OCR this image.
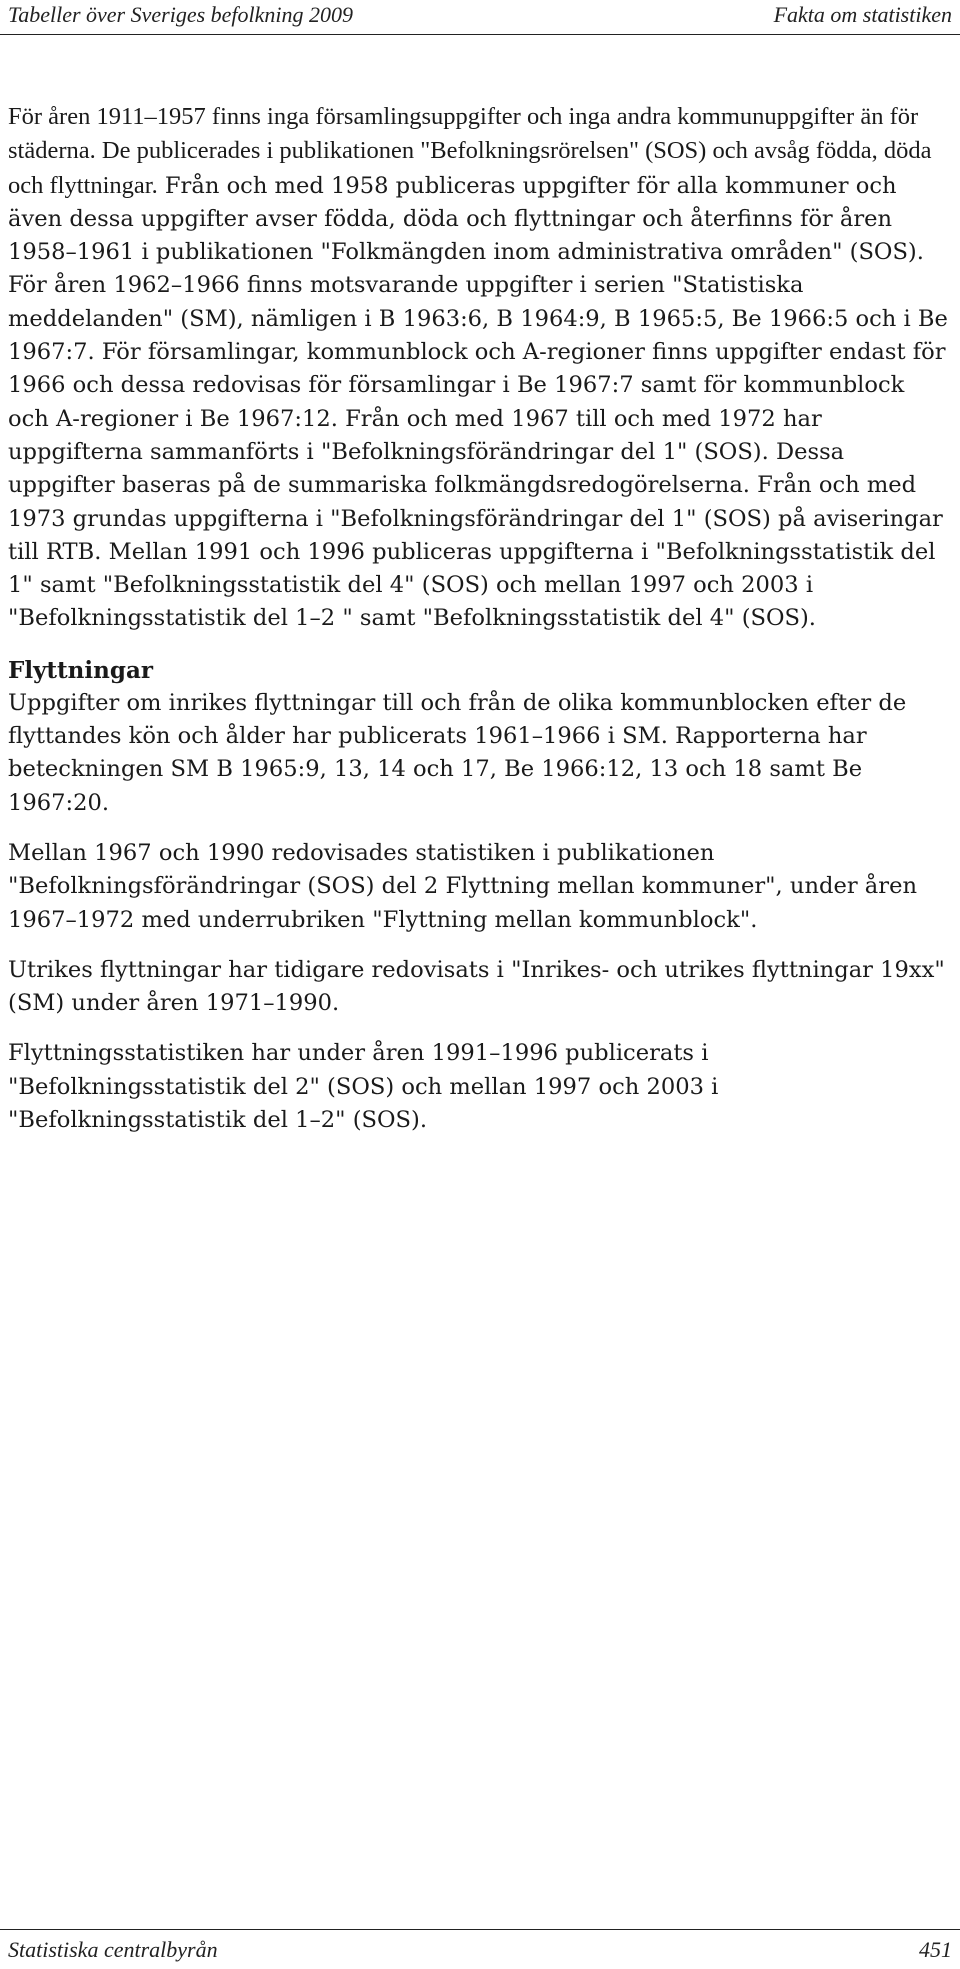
Tabeller över Sveriges befolkning 2009	Fakta om statistiken

För åren 1911–1957 finns inga församlingsuppgifter och inga andra kommunuppgifter än för städerna. De publicerades i publikationen "Befolkningsrörelsen" (SOS) och avsåg födda, döda och flyttningar. Från och med 1958 publiceras uppgifter för alla kommuner och även dessa uppgifter avser födda, döda och flyttningar och återfinns för åren 1958–1961 i publikationen "Folkmängden inom administrativa områden" (SOS). För åren 1962–1966 finns motsvarande uppgifter i serien "Statistiska meddelanden" (SM), nämligen i B 1963:6, B 1964:9, B 1965:5, Be 1966:5 och i Be 1967:7. För församlingar, kommunblock och A-regioner finns uppgifter endast för 1966 och dessa redovisas för församlingar i Be 1967:7 samt för kommunblock och A-regioner i Be 1967:12. Från och med 1967 till och med 1972 har uppgifterna sammanförts i "Befolkningsförändringar del 1" (SOS). Dessa uppgifter baseras på de summariska folkmängdsredogörelserna. Från och med 1973 grundas uppgifterna i "Befolkningsförändringar del 1" (SOS) på aviseringar till RTB. Mellan 1991 och 1996 publiceras uppgifterna i "Befolkningsstatistik del 1" samt "Befolkningsstatistik del 4" (SOS) och mellan 1997 och 2003 i "Befolkningsstatistik del 1–2 " samt "Befolkningsstatistik del 4" (SOS).

Flyttningar

Uppgifter om inrikes flyttningar till och från de olika kommunblocken efter de flyttandes kön och ålder har publicerats 1961–1966 i SM. Rapporterna har beteckningen SM B 1965:9, 13, 14 och 17, Be 1966:12, 13 och 18 samt Be 1967:20.

Mellan 1967 och 1990 redovisades statistiken i publikationen "Befolkningsförändringar (SOS) del 2 Flyttning mellan kommuner", under åren 1967–1972 med underrubriken "Flyttning mellan kommunblock".

Utrikes flyttningar har tidigare redovisats i "Inrikes- och utrikes flyttningar 19xx" (SM) under åren 1971–1990.

Flyttningsstatistiken har under åren 1991–1996 publicerats i "Befolkningsstatistik del 2" (SOS) och mellan 1997 och 2003 i "Befolkningsstatistik del 1–2" (SOS).

Statistiska centralbyrån	451
